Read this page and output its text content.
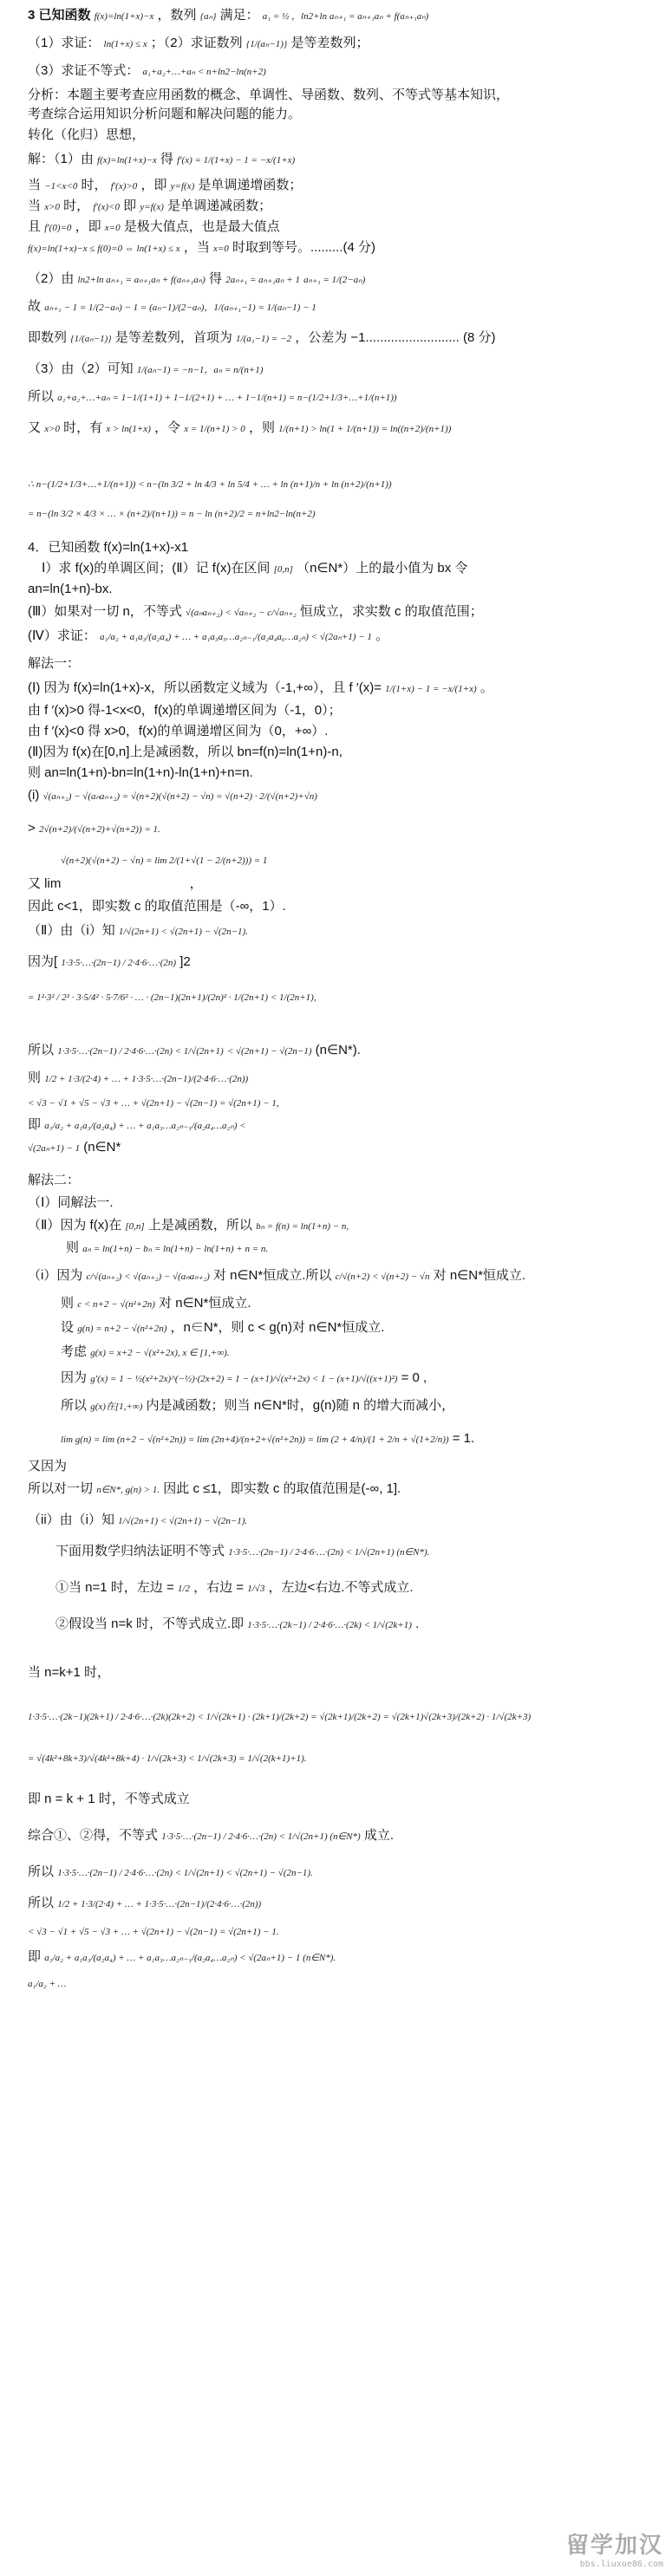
3 已知函数 f(x)=ln(1+x)−x ，数列 {aₙ} 满足： a₁ = ½ ，ln2+ln aₙ₊₁ = aₙ₊₁aₙ + f(aₙ₊₁aₙ)
（1）求证： ln(1+x) ≤ x ；（2）求证数列 {1/(aₙ−1)} 是等差数列；
（3）求证不等式： a₁+a₂+…+aₙ < n+ln2−ln(n+2)
分析：本题主要考查应用函数的概念、单调性、导函数、数列、不等式等基本知识，
考查综合运用知识分析问题和解决问题的能力。
转化（化归）思想，
解：（1）由 f(x)=ln(1+x)−x 得 f′(x) = 1/(1+x) − 1 = −x/(1+x)
当 −1<x<0 时， f′(x)>0 ，即 y=f(x) 是单调递增函数；
当 x>0 时， f′(x)<0 即 y=f(x) 是单调递减函数；
且 f′(0)=0 ，即 x=0 是极大值点，也是最大值点
f(x)=ln(1+x)−x ≤ f(0)=0 ⇔ ln(1+x) ≤ x ，当 x=0 时取到等号。.........(4 分)
（2）由 ln2+ln aₙ₊₁ = aₙ₊₁aₙ + f(aₙ₊₁aₙ) 得 2aₙ₊₁ = aₙ₊₁aₙ + 1 aₙ₊₁ = 1/(2−aₙ)
故 aₙ₊₁ − 1 = 1/(2−aₙ) − 1 = (aₙ−1)/(2−aₙ)，1/(aₙ₊₁−1) = 1/(aₙ−1) − 1
即数列 {1/(aₙ−1)} 是等差数列，首项为 1/(a₁−1) = −2 ，公差为 −1.......................... (8 分)
（3）由（2）可知 1/(aₙ−1) = −n−1，aₙ = n/(n+1)
所以 a₁+a₂+…+aₙ = 1−1/(1+1) + 1−1/(2+1) + … + 1−1/(n+1) = n−(1/2+1/3+…+1/(n+1))
又 x>0 时，有 x > ln(1+x) ，令 x = 1/(n+1) > 0 ，则 1/(n+1) > ln(1 + 1/(n+1)) = ln((n+2)/(n+1))
∴ n−(1/2+1/3+…+1/(n+1)) < n−(ln 3/2 + ln 4/3 + ln 5/4 + … + ln (n+1)/n + ln (n+2)/(n+1))
= n−(ln 3/2 × 4/3 × … × (n+2)/(n+1)) = n − ln (n+2)/2 = n+ln2−ln(n+2)
4．已知函数 f(x)=ln(1+x)-x1
Ⅰ）求 f(x)的单调区间；(Ⅱ）记 f(x)在区间 [0,n] （n∈N*）上的最小值为 bx 令
an=ln(1+n)-bx.
(Ⅲ）如果对一切 n，不等式 √(aₙaₙ₊₂) < √aₙ₊₂ − c/√aₙ₊₂ 恒成立，求实数 c 的取值范围；
(Ⅳ）求证： a₁/a₂ + a₁a₃/(a₂a₄) + … + a₁a₃a₅…a₂ₙ₋₁/(a₂a₄a₆…a₂ₙ) < √(2aₙ+1) − 1 。
解法一：
(Ⅰ) 因为 f(x)=ln(1+x)-x，所以函数定义域为（-1,+∞），且 f ′(x)= 1/(1+x) − 1 = −x/(1+x) 。
由 f ′(x)>0 得-1<x<0，f(x)的单调递增区间为（-1，0）；
由 f ′(x)<0 得 x>0，f(x)的单调递增区间为（0，+∞）.
(Ⅱ)因为 f(x)在[0,n]上是减函数，所以 bn=f(n)=ln(1+n)-n,
则 an=ln(1+n)-bn=ln(1+n)-ln(1+n)+n=n.
(i) √(aₙ₊₂) − √(aₙaₙ₊₂) = √(n+2)(√(n+2) − √n) = √(n+2) · 2/(√(n+2)+√n)
> 2√(n+2)/(√(n+2)+√(n+2)) = 1.
√(n+2)(√(n+2) − √n) = lim 2/(1+√(1 − 2/(n+2))) = 1
又 lim	，
因此 c<1，即实数 c 的取值范围是（-∞，1）.
（Ⅱ）由（i）知 1/√(2n+1) < √(2n+1) − √(2n−1).
因为[ 1·3·5·…·(2n−1) / 2·4·6·…·(2n) ]2
= 1²·3² / 2² · 3·5/4² · 5·7/6² · … · (2n−1)(2n+1)/(2n)² · 1/(2n+1) < 1/(2n+1),
所以 1·3·5·…·(2n−1) / 2·4·6·…·(2n) < 1/√(2n+1) < √(2n+1) − √(2n−1) (n∈N*).
则 1/2 + 1·3/(2·4) + … + 1·3·5·…·(2n−1)/(2·4·6·…·(2n))
< √3 − √1 + √5 − √3 + … + √(2n+1) − √(2n−1) = √(2n+1) − 1,
即 a₁/a₂ + a₁a₃/(a₂a₄) + … + a₁a₃…a₂ₙ₋₁/(a₂a₄…a₂ₙ) <
√(2aₙ+1) − 1 (n∈N*
解法二：
（Ⅰ）同解法一.
（Ⅱ）因为 f(x)在 [0,n] 上是减函数，所以 bₙ = f(n) = ln(1+n) − n,
则 aₙ = ln(1+n) − bₙ = ln(1+n) − ln(1+n) + n = n.
（i）因为 c/√(aₙ₊₂) < √(aₙ₊₂) − √(aₙaₙ₊₂) 对 n∈N*恒成立.所以 c/√(n+2) < √(n+2) − √n 对 n∈N*恒成立.
则 c < n+2 − √(n²+2n) 对 n∈N*恒成立.
设 g(n) = n+2 − √(n²+2n) ，n∈N*，则 c < g(n)对 n∈N*恒成立.
考虑 g(x) = x+2 − √(x²+2x), x ∈ [1,+∞).
因为 g′(x) = 1 − ½(x²+2x)^(−½)·(2x+2) = 1 − (x+1)/√(x²+2x) < 1 − (x+1)/√((x+1)²) = 0 ,
所以 g(x)在[1,+∞) 内是减函数；则当 n∈N*时，g(n)随 n 的增大而减小，
lim g(n) = lim (n+2 − √(n²+2n)) = lim (2n+4)/(n+2+√(n²+2n)) = lim (2 + 4/n)/(1 + 2/n + √(1+2/n)) = 1.
又因为
所以对一切 n∈N*, g(n) > 1. 因此 c ≤1，即实数 c 的取值范围是(-∞, 1].
（ii）由（i）知 1/√(2n+1) < √(2n+1) − √(2n−1).
下面用数学归纳法证明不等式 1·3·5·…·(2n−1) / 2·4·6·…·(2n) < 1/√(2n+1) (n∈N*).
①当 n=1 时，左边 = 1/2 ，右边 = 1/√3 ，左边<右边.不等式成立.
②假设当 n=k 时，不等式成立.即 1·3·5·…·(2k−1) / 2·4·6·…·(2k) < 1/√(2k+1) .
当 n=k+1 时，
1·3·5·…·(2k−1)(2k+1) / 2·4·6·…·(2k)(2k+2) < 1/√(2k+1) · (2k+1)/(2k+2) = √(2k+1)/(2k+2) = √(2k+1)√(2k+3)/(2k+2) · 1/√(2k+3)
= √(4k²+8k+3)/√(4k²+8k+4) · 1/√(2k+3) < 1/√(2k+3) = 1/√(2(k+1)+1).
即 n = k + 1 时，不等式成立
综合①、②得，不等式 1·3·5·…·(2n−1) / 2·4·6·…·(2n) < 1/√(2n+1) (n∈N*) 成立.
所以 1·3·5·…·(2n−1) / 2·4·6·…·(2n) < 1/√(2n+1) < √(2n+1) − √(2n−1).
所以 1/2 + 1·3/(2·4) + … + 1·3·5·…·(2n−1)/(2·4·6·…·(2n))
< √3 − √1 + √5 − √3 + … + √(2n+1) − √(2n−1) = √(2n+1) − 1.
即 a₁/a₂ + a₁a₃/(a₂a₄) + … + a₁a₃…a₂ₙ₋₁/(a₂a₄…a₂ₙ) < √(2aₙ+1) − 1 (n∈N*).
a₁/a₂ + …
留学加汉
bbs.liuxue86.com
